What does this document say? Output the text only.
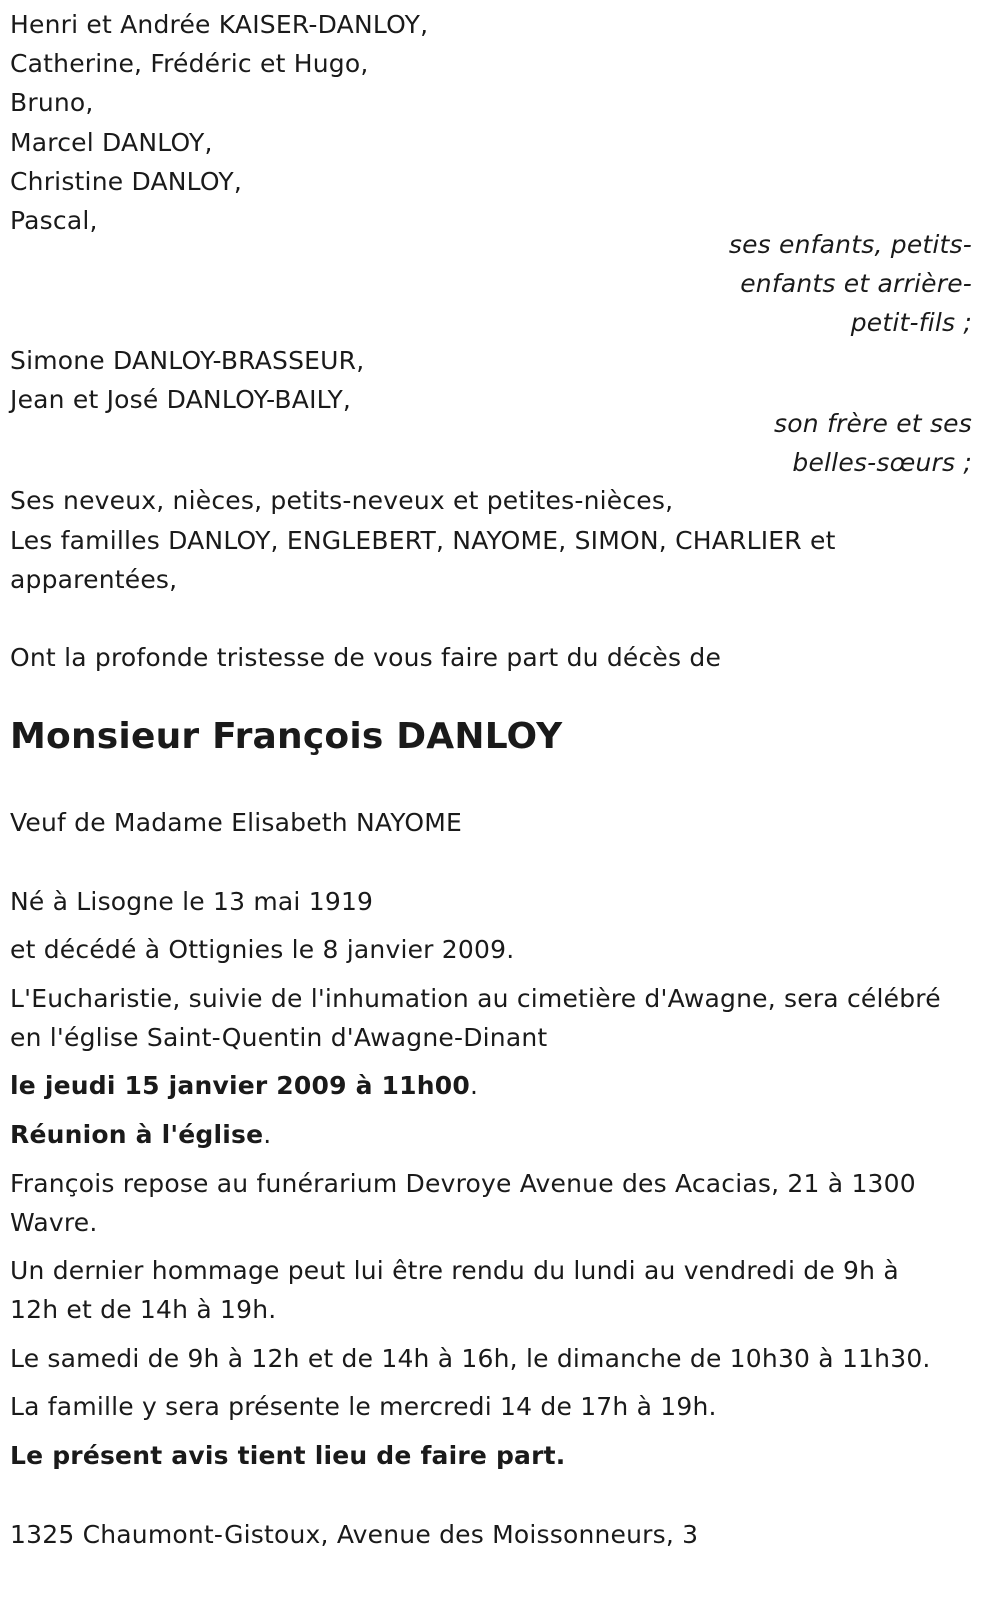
Henri et Andrée KAISER-DANLOY,
Catherine, Frédéric et Hugo,
Bruno,
Marcel DANLOY,
Christine DANLOY,
Pascal,
ses enfants, petits-
enfants et arrière-
petit-fils ;
Simone DANLOY-BRASSEUR,
Jean et José DANLOY-BAILY,
son frère et ses
belles-sœurs ;
Ses neveux, nièces, petits-neveux et petites-nièces,
Les familles DANLOY, ENGLEBERT, NAYOME, SIMON, CHARLIER et
apparentées,
Ont la profonde tristesse de vous faire part du décès de
Monsieur François DANLOY
Veuf de Madame Elisabeth NAYOME
Né à Lisogne le 13 mai 1919
et décédé à Ottignies le 8 janvier 2009.
L'Eucharistie, suivie de l'inhumation au cimetière d'Awagne, sera célébré
en l'église Saint-Quentin d'Awagne-Dinant
le jeudi 15 janvier 2009 à 11h00.
Réunion à l'église.
François repose au funérarium Devroye Avenue des Acacias, 21 à 1300
Wavre.
Un dernier hommage peut lui être rendu du lundi au vendredi de 9h à
12h et de 14h à 19h.
Le samedi de 9h à 12h et de 14h à 16h, le dimanche de 10h30 à 11h30.
La famille y sera présente le mercredi 14 de 17h à 19h.
Le présent avis tient lieu de faire part.
1325 Chaumont-Gistoux, Avenue des Moissonneurs, 3
